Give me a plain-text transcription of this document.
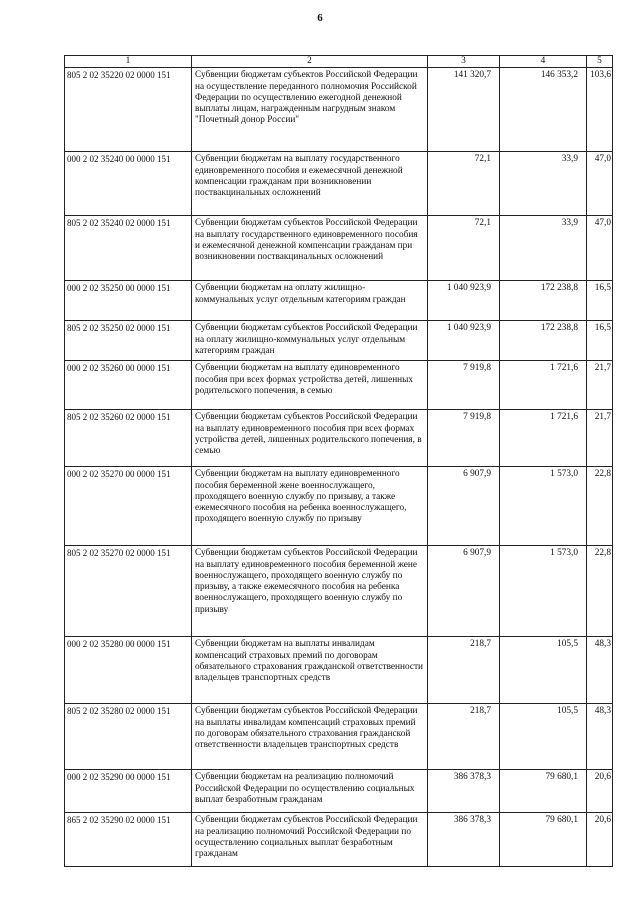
6
1	2	3	4	5
805 2 02 35220 02 0000 151	Субвенции бюджетам субъектов Российской Федерации на осуществление переданного полномочия Российской Федерации по осуществлению ежегодной денежной выплаты лицам, награжденным нагрудным знаком "Почетный донор России"	141 320,7	146 353,2	103,6
000 2 02 35240 00 0000 151	Субвенции бюджетам на выплату государственного единовременного пособия и ежемесячной денежной компенсации гражданам при возникновении поствакцинальных осложнений	72,1	33,9	47,0
805 2 02 35240 02 0000 151	Субвенции бюджетам субъектов Российской Федерации на выплату государственного единовременного пособия и ежемесячной денежной компенсации гражданам при возникновении поствакцинальных осложнений	72,1	33,9	47,0
000 2 02 35250 00 0000 151	Субвенции бюджетам на оплату жилищно-коммунальных услуг отдельным категориям граждан	1 040 923,9	172 238,8	16,5
805 2 02 35250 02 0000 151	Субвенции бюджетам субъектов Российской Федерации на оплату жилищно-коммунальных услуг отдельным категориям граждан	1 040 923,9	172 238,8	16,5
000 2 02 35260 00 0000 151	Субвенции бюджетам на выплату единовременного пособия при всех формах устройства детей, лишенных родительского попечения, в семью	7 919,8	1 721,6	21,7
805 2 02 35260 02 0000 151	Субвенции бюджетам субъектов Российской Федерации на выплату единовременного пособия при всех формах устройства детей, лишенных родительского попечения, в семью	7 919,8	1 721,6	21,7
000 2 02 35270 00 0000 151	Субвенции бюджетам на выплату единовременного пособия беременной жене военнослужащего, проходящего военную службу по призыву, а также ежемесячного пособия на ребенка военнослужащего, проходящего военную службу по призыву	6 907,9	1 573,0	22,8
805 2 02 35270 02 0000 151	Субвенции бюджетам субъектов Российской Федерации на выплату единовременного пособия беременной жене военнослужащего, проходящего военную службу по призыву, а также ежемесячного пособия на ребенка военнослужащего, проходящего военную службу по призыву	6 907,9	1 573,0	22,8
000 2 02 35280 00 0000 151	Субвенции бюджетам на выплаты инвалидам компенсаций страховых премий по договорам обязательного страхования гражданской ответственности владельцев транспортных средств	218,7	105,5	48,3
805 2 02 35280 02 0000 151	Субвенции бюджетам субъектов Российской Федерации на выплаты инвалидам компенсаций страховых премий по договорам обязательного страхования гражданской ответственности владельцев транспортных средств	218,7	105,5	48,3
000 2 02 35290 00 0000 151	Субвенции бюджетам на реализацию полномочий Российской Федерации по осуществлению социальных выплат безработным гражданам	386 378,3	79 680,1	20,6
865 2 02 35290 02 0000 151	Субвенции бюджетам субъектов Российской Федерации на реализацию полномочий Российской Федерации по осуществлению социальных выплат безработным гражданам	386 378,3	79 680,1	20,6
